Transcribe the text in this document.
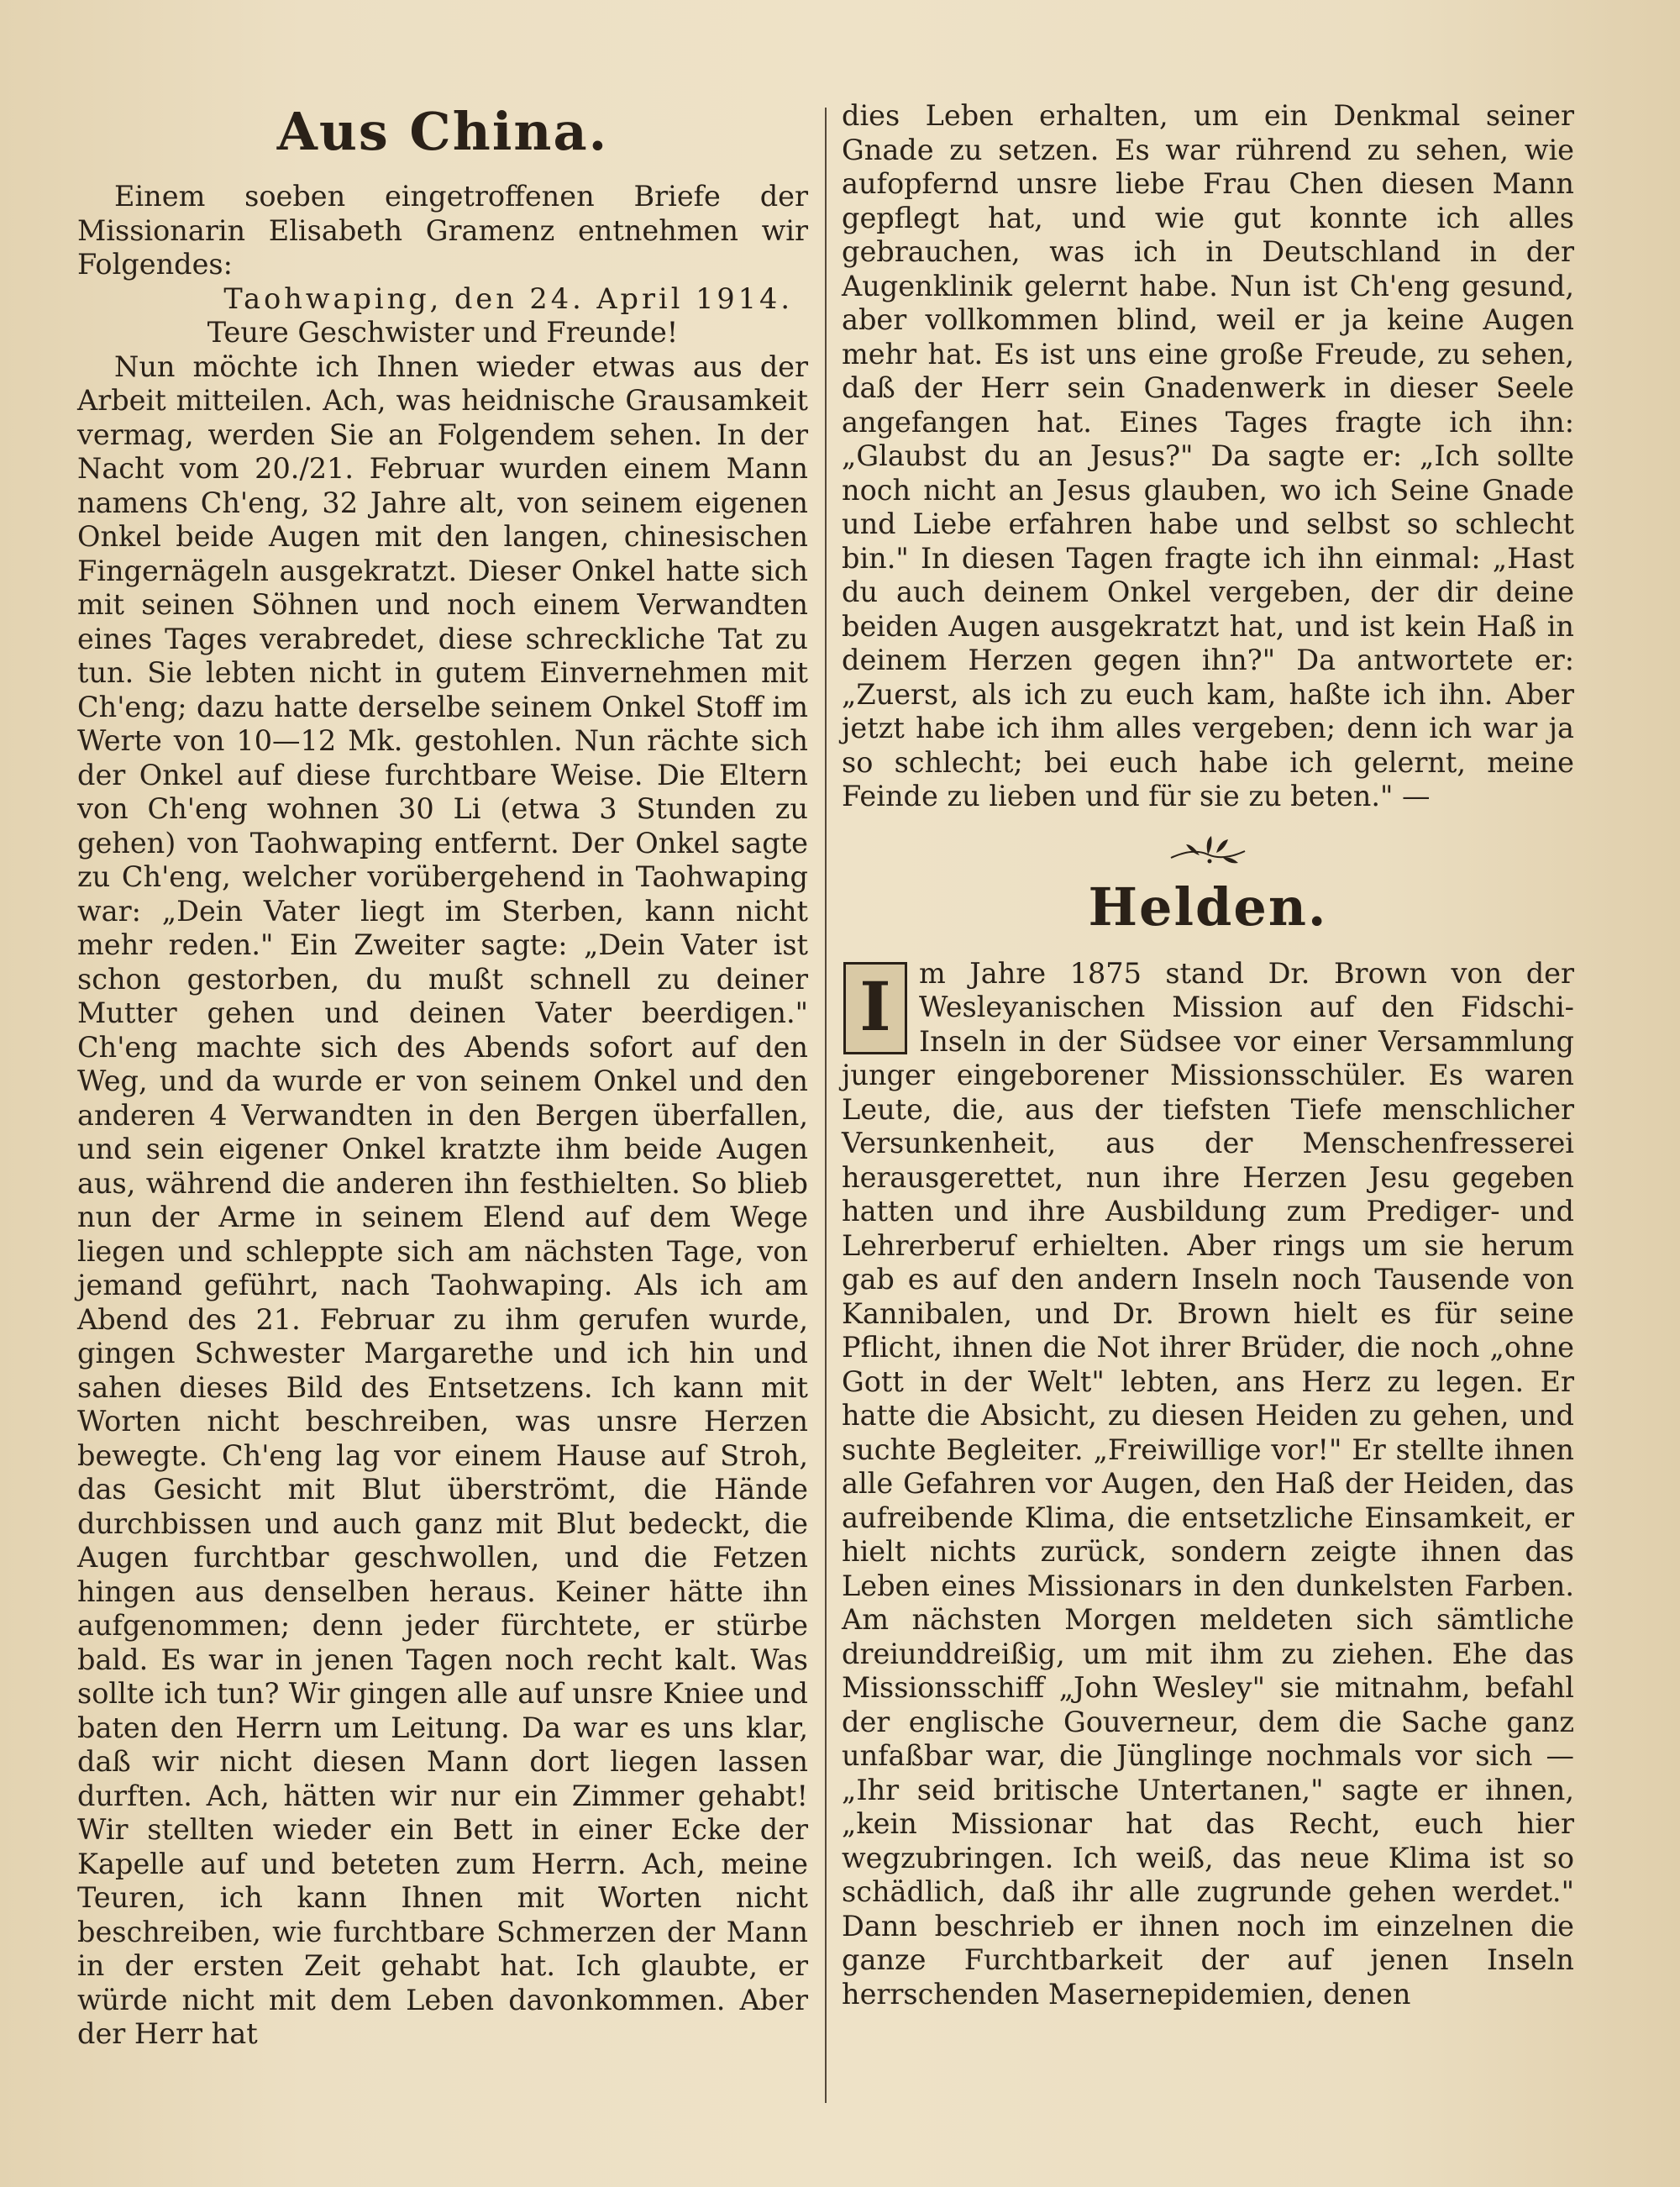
Aus China.

Einem soeben eingetroffenen Briefe der Missionarin Elisabeth Gramenz entnehmen wir Folgendes:

Taohwaping, den 24. April 1914.

Teure Geschwister und Freunde!

Nun möchte ich Ihnen wieder etwas aus der Arbeit mitteilen. Ach, was heidnische Grausamkeit vermag, werden Sie an Folgendem sehen. In der Nacht vom 20./21. Februar wurden einem Mann namens Ch'eng, 32 Jahre alt, von seinem eigenen Onkel beide Augen mit den langen, chinesischen Fingernägeln ausgekratzt. Dieser Onkel hatte sich mit seinen Söhnen und noch einem Verwandten eines Tages verabredet, diese schreckliche Tat zu tun. Sie lebten nicht in gutem Einvernehmen mit Ch'eng; dazu hatte derselbe seinem Onkel Stoff im Werte von 10—12 Mk. gestohlen. Nun rächte sich der Onkel auf diese furchtbare Weise. Die Eltern von Ch'eng wohnen 30 Li (etwa 3 Stunden zu gehen) von Taohwaping entfernt. Der Onkel sagte zu Ch'eng, welcher vorübergehend in Taohwaping war: „Dein Vater liegt im Sterben, kann nicht mehr reden." Ein Zweiter sagte: „Dein Vater ist schon gestorben, du mußt schnell zu deiner Mutter gehen und deinen Vater beerdigen." Ch'eng machte sich des Abends sofort auf den Weg, und da wurde er von seinem Onkel und den anderen 4 Verwandten in den Bergen überfallen, und sein eigener Onkel kratzte ihm beide Augen aus, während die anderen ihn festhielten. So blieb nun der Arme in seinem Elend auf dem Wege liegen und schleppte sich am nächsten Tage, von jemand geführt, nach Taohwaping. Als ich am Abend des 21. Februar zu ihm gerufen wurde, gingen Schwester Margarethe und ich hin und sahen dieses Bild des Entsetzens. Ich kann mit Worten nicht beschreiben, was unsre Herzen bewegte. Ch'eng lag vor einem Hause auf Stroh, das Gesicht mit Blut überströmt, die Hände durchbissen und auch ganz mit Blut bedeckt, die Augen furchtbar geschwollen, und die Fetzen hingen aus denselben heraus. Keiner hätte ihn aufgenommen; denn jeder fürchtete, er stürbe bald. Es war in jenen Tagen noch recht kalt. Was sollte ich tun? Wir gingen alle auf unsre Kniee und baten den Herrn um Leitung. Da war es uns klar, daß wir nicht diesen Mann dort liegen lassen durften. Ach, hätten wir nur ein Zimmer gehabt! Wir stellten wieder ein Bett in einer Ecke der Kapelle auf und beteten zum Herrn. Ach, meine Teuren, ich kann Ihnen mit Worten nicht beschreiben, wie furchtbare Schmerzen der Mann in der ersten Zeit gehabt hat. Ich glaubte, er würde nicht mit dem Leben davonkommen. Aber der Herr hat

dies Leben erhalten, um ein Denkmal seiner Gnade zu setzen. Es war rührend zu sehen, wie aufopfernd unsre liebe Frau Chen diesen Mann gepflegt hat, und wie gut konnte ich alles gebrauchen, was ich in Deutschland in der Augenklinik gelernt habe. Nun ist Ch'eng gesund, aber vollkommen blind, weil er ja keine Augen mehr hat. Es ist uns eine große Freude, zu sehen, daß der Herr sein Gnadenwerk in dieser Seele angefangen hat. Eines Tages fragte ich ihn: „Glaubst du an Jesus?" Da sagte er: „Ich sollte noch nicht an Jesus glauben, wo ich Seine Gnade und Liebe erfahren habe und selbst so schlecht bin." In diesen Tagen fragte ich ihn einmal: „Hast du auch deinem Onkel vergeben, der dir deine beiden Augen ausgekratzt hat, und ist kein Haß in deinem Herzen gegen ihn?" Da antwortete er: „Zuerst, als ich zu euch kam, haßte ich ihn. Aber jetzt habe ich ihm alles vergeben; denn ich war ja so schlecht; bei euch habe ich gelernt, meine Feinde zu lieben und für sie zu beten." —

Helden.
I m Jahre 1875 stand Dr. Brown von der Wesleyanischen Mission auf den Fidschi-Inseln in der Südsee vor einer Versammlung junger eingeborener Missionsschüler. Es waren Leute, die, aus der tiefsten Tiefe menschlicher Versunkenheit, aus der Menschenfresserei herausgerettet, nun ihre Herzen Jesu gegeben hatten und ihre Ausbildung zum Prediger- und Lehrerberuf erhielten. Aber rings um sie herum gab es auf den andern Inseln noch Tausende von Kannibalen, und Dr. Brown hielt es für seine Pflicht, ihnen die Not ihrer Brüder, die noch „ohne Gott in der Welt" lebten, ans Herz zu legen. Er hatte die Absicht, zu diesen Heiden zu gehen, und suchte Begleiter. „Freiwillige vor!" Er stellte ihnen alle Gefahren vor Augen, den Haß der Heiden, das aufreibende Klima, die entsetzliche Einsamkeit, er hielt nichts zurück, sondern zeigte ihnen das Leben eines Missionars in den dunkelsten Farben. Am nächsten Morgen meldeten sich sämtliche dreiunddreißig, um mit ihm zu ziehen. Ehe das Missionsschiff „John Wesley" sie mitnahm, befahl der englische Gouverneur, dem die Sache ganz unfaßbar war, die Jünglinge nochmals vor sich — „Ihr seid britische Untertanen," sagte er ihnen, „kein Missionar hat das Recht, euch hier wegzubringen. Ich weiß, das neue Klima ist so schädlich, daß ihr alle zugrunde gehen werdet." Dann beschrieb er ihnen noch im einzelnen die ganze Furchtbarkeit der auf jenen Inseln herrschenden Masernepidemien, denen
